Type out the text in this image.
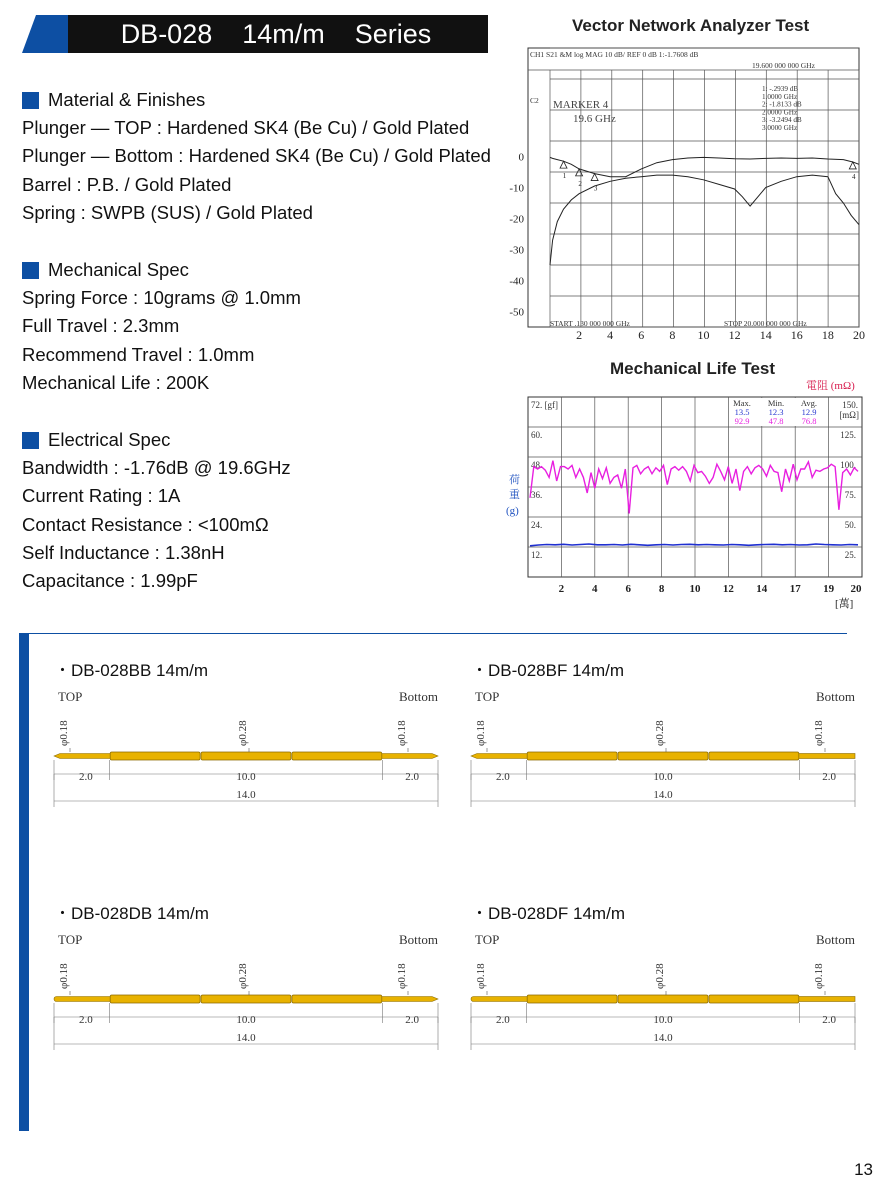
DB-028    14m/m    Series
Material & Finishes
Plunger — TOP : Hardened SK4 (Be Cu) / Gold Plated
Plunger — Bottom : Hardened SK4 (Be Cu) / Gold Plated
Barrel : P.B. / Gold Plated
Spring : SWPB (SUS) / Gold Plated
Mechanical Spec
Spring Force : 10grams @ 1.0mm
Full Travel : 2.3mm
Recommend Travel : 1.0mm
Mechanical Life : 200K
Electrical Spec
Bandwidth : -1.76dB @ 19.6GHz
Current Rating : 1A
Contact Resistance : <100mΩ
Self Inductance : 1.38nH
Capacitance : 1.99pF
Vector Network Analyzer Test
CH1 S21 &M log MAG 10 dB/ REF 0 dB 1:-1.7608 dB
19.600 000 000 GHz
C2 MARKER 4
19.6 GHz
1: -.2939 dB
1.0000 GHz
2: -1.8133 dB
2.0000 GHz
3: -3.2494 dB
3.0000 GHz
0
-10
-20
-30
-40
-50
2 4 6 8 10 12 14 16 18 20
1
2
3
4
START .130 000 000 GHz	STOP 20.000 000 000 GHz
Mechanical Life Test
電阻 (mΩ)
荷
重
(g)
72. [gf]
60.
48.
36.
24.
12.
150.
[mΩ]
125.
100.
75.
50.
25.
Max.
13.5
92.9
Min.
12.3
47.8
Avg.
12.9
76.8
2	4	6	8 10 12 14 17 19 20
[萬]
・DB-028BB 14m/m
TOP	Bottom
φ0.18	φ0.28	φ0.18
2.0	10.0	2.0
14.0
・DB-028BF 14m/m
TOP	Bottom
φ0.18	φ0.28	φ0.18
2.0	10.0	2.0
14.0
・DB-028DB 14m/m
TOP	Bottom
φ0.18	φ0.28	φ0.18
2.0	10.0	2.0
14.0
・DB-028DF 14m/m
TOP	Bottom
φ0.18	φ0.28	φ0.18
2.0	10.0	2.0
14.0
13
